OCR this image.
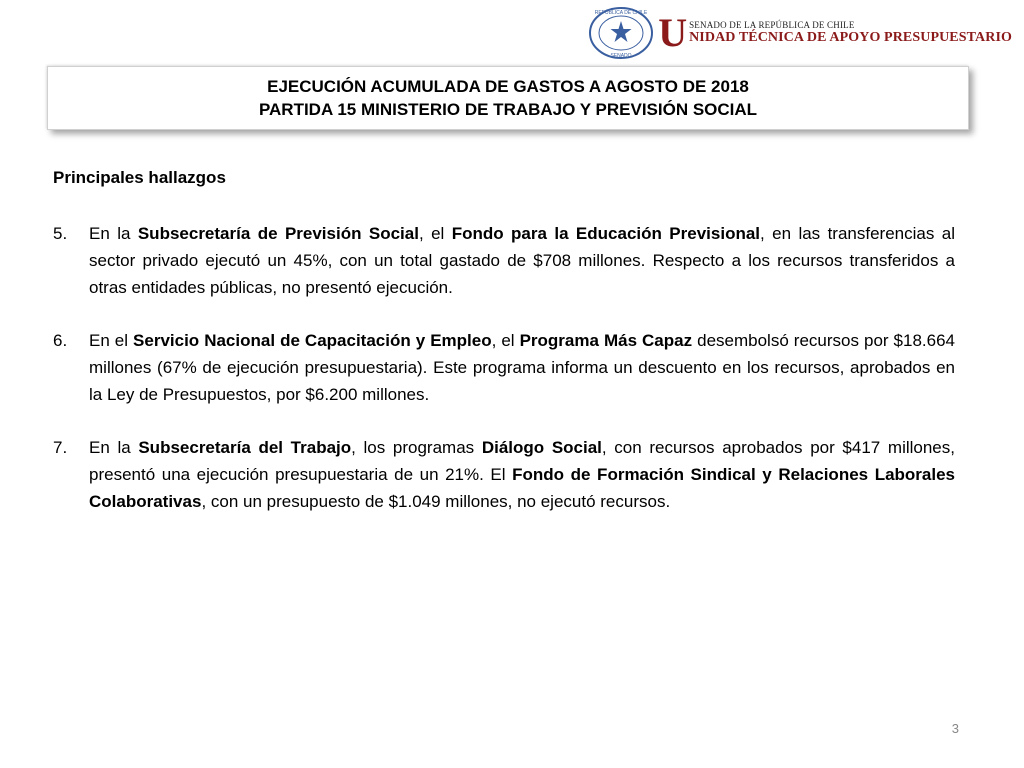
REPÚBLICA DE CHILE
SENADO
U SENADO DE LA REPÚBLICA DE CHILE
NIDAD TÉCNICA DE APOYO PRESUPUESTARIO
EJECUCIÓN ACUMULADA DE GASTOS A AGOSTO DE 2018
PARTIDA 15 MINISTERIO DE TRABAJO Y PREVISIÓN SOCIAL
Principales hallazgos
5.	En la Subsecretaría de Previsión Social, el Fondo para la Educación Previsional, en las transferencias al sector privado ejecutó un 45%, con un total gastado de $708 millones. Respecto a los recursos transferidos a otras entidades públicas, no presentó ejecución.
6.	En el Servicio Nacional de Capacitación y Empleo, el Programa Más Capaz desembolsó recursos por $18.664 millones (67% de ejecución presupuestaria). Este programa informa un descuento en los recursos, aprobados en la Ley de Presupuestos, por $6.200 millones.
7.	En la Subsecretaría del Trabajo, los programas Diálogo Social, con recursos aprobados por $417 millones, presentó una ejecución presupuestaria de un 21%. El Fondo de Formación Sindical y Relaciones Laborales Colaborativas, con un presupuesto de $1.049 millones, no ejecutó recursos.
3
